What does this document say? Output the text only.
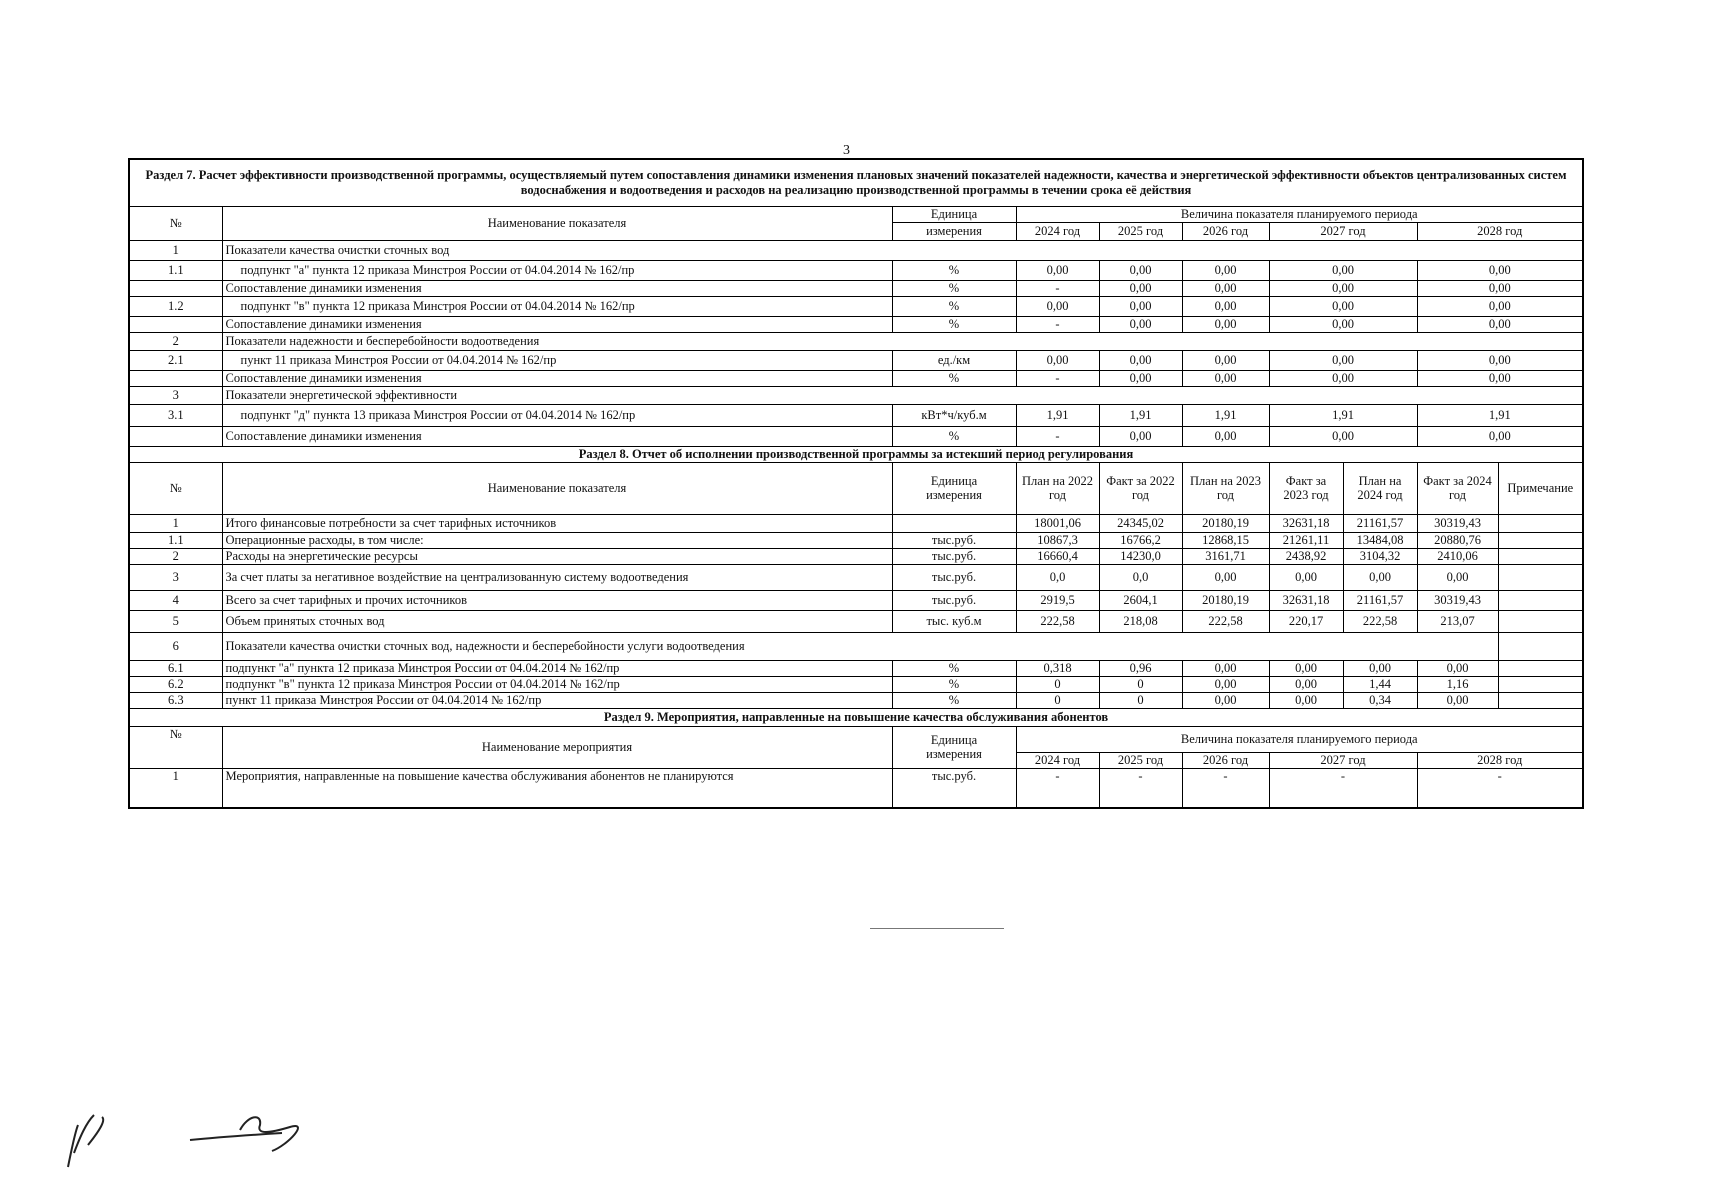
3
Раздел 7. Расчет эффективности производственной программы, осуществляемый путем сопоставления динамики изменения плановых значений показателей надежности, качества и энергетической эффективности объектов централизованных систем водоснабжения и водоотведения и расходов на реализацию производственной программы в течении срока её действия									
№	Наименование показателя	Единица	Величина показателя планируемого периода						
		измерения	2024 год	2025 год	2026 год	2027 год		2028 год	
1	Показатели качества очистки сточных вод								
1.1	подпункт "а" пункта 12 приказа Минстроя России от 04.04.2014 № 162/пр	%	0,00	0,00	0,00	0,00		0,00	
	Сопоставление динамики изменения	%	-	0,00	0,00	0,00		0,00	
1.2	подпункт "в" пункта 12 приказа Минстроя России от 04.04.2014 № 162/пр	%	0,00	0,00	0,00	0,00		0,00	
	Сопоставление динамики изменения	%	-	0,00	0,00	0,00		0,00	
2	Показатели надежности и бесперебойности водоотведения								
2.1	пункт 11 приказа Минстроя России от 04.04.2014 № 162/пр	ед./км	0,00	0,00	0,00	0,00		0,00	
	Сопоставление динамики изменения	%	-	0,00	0,00	0,00		0,00	
3	Показатели энергетической эффективности								
3.1	подпункт "д" пункта 13 приказа Минстроя России от 04.04.2014 № 162/пр	кВт*ч/куб.м	1,91	1,91	1,91	1,91		1,91	
	Сопоставление динамики изменения	%	-	0,00	0,00	0,00		0,00	
Раздел 8. Отчет об исполнении производственной программы за истекший период регулирования									
№	Наименование показателя	Единица
измерения	План на 2022 год	Факт за 2022 год	План на 2023 год	Факт за 2023 год	План на 2024 год	Факт за 2024 год	Примечание
1	Итого финансовые потребности за счет тарифных источников		18001,06	24345,02	20180,19	32631,18	21161,57	30319,43	
1.1	Операционные расходы, в том числе:	тыс.руб.	10867,3	16766,2	12868,15	21261,11	13484,08	20880,76	
2	Расходы на энергетические ресурсы	тыс.руб.	16660,4	14230,0	3161,71	2438,92	3104,32	2410,06	
3	За счет платы за негативное воздействие на централизованную систему водоотведения	тыс.руб.	0,0	0,0	0,00	0,00	0,00	0,00	
4	Всего за счет тарифных и прочих источников	тыс.руб.	2919,5	2604,1	20180,19	32631,18	21161,57	30319,43	
5	Объем принятых сточных вод	тыс. куб.м	222,58	218,08	222,58	220,17	222,58	213,07	
6	Показатели качества очистки сточных вод, надежности и бесперебойности услуги водоотведения								
6.1	подпункт "а" пункта 12 приказа Минстроя России от 04.04.2014 № 162/пр	%	0,318	0,96	0,00	0,00	0,00	0,00	
6.2	подпункт "в" пункта 12 приказа Минстроя России от 04.04.2014 № 162/пр	%	0	0	0,00	0,00	1,44	1,16	
6.3	пункт 11 приказа Минстроя России от 04.04.2014 № 162/пр	%	0	0	0,00	0,00	0,34	0,00	
Раздел 9. Мероприятия, направленные на повышение качества обслуживания абонентов									
№	Наименование мероприятия	Единица
измерения	Величина показателя планируемого периода						
			2024 год	2025 год	2026 год	2027 год		2028 год	
1	Мероприятия, направленные на повышение качества обслуживания абонентов не планируются	тыс.руб.	-	-	-	-		-	
